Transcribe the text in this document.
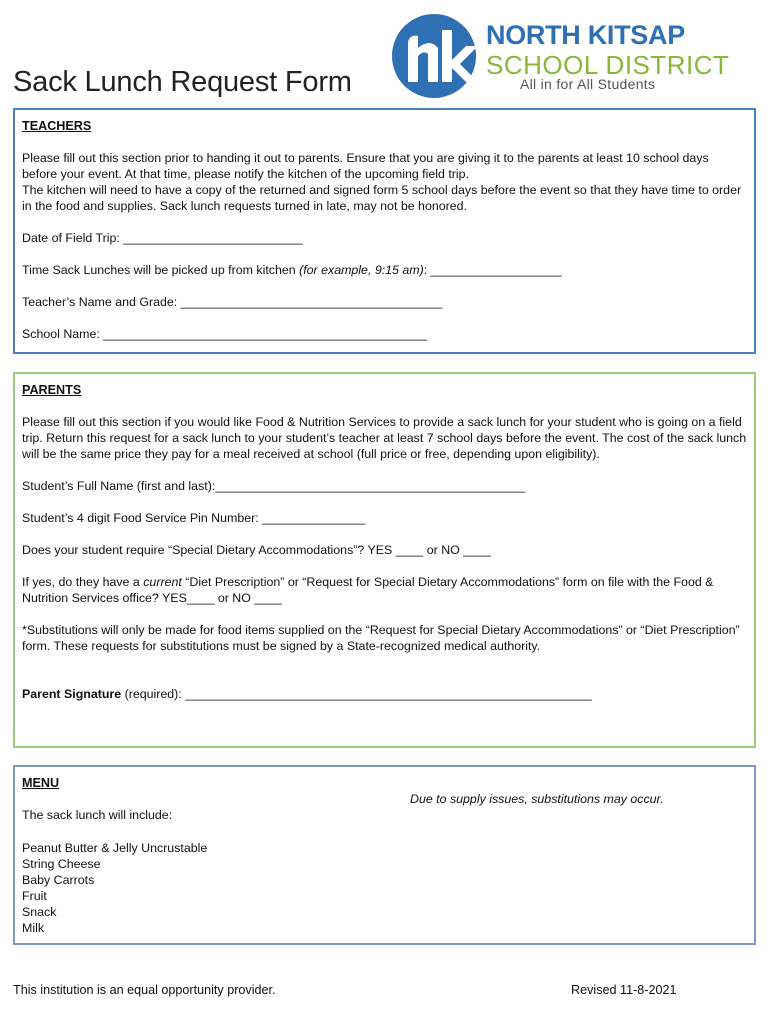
Sack Lunch Request Form
NORTH KITSAP
SCHOOL DISTRICT
All in for All Students

TEACHERS

Please fill out this section prior to handing it out to parents. Ensure that you are giving it to the parents at least 10 school days before your event. At that time, please notify the kitchen of the upcoming field trip.

The kitchen will need to have a copy of the returned and signed form 5 school days before the event so that they have time to order in the food and supplies. Sack lunch requests turned in late, may not be honored.

Date of Field Trip: __________________________

Time Sack Lunches will be picked up from kitchen (for example, 9:15 am): ___________________

Teacher’s Name and Grade: ______________________________________

School Name: _______________________________________________

PARENTS

Please fill out this section if you would like Food & Nutrition Services to provide a sack lunch for your student who is going on a field trip. Return this request for a sack lunch to your student’s teacher at least 7 school days before the event. The cost of the sack lunch will be the same price they pay for a meal received at school (full price or free, depending upon eligibility).

Student’s Full Name (first and last):_____________________________________________

Student’s 4 digit Food Service Pin Number: _______________

Does your student require “Special Dietary Accommodations”? YES ____ or NO ____

If yes, do they have a current “Diet Prescription” or “Request for Special Dietary Accommodations” form on file with the Food & Nutrition Services office? YES____ or NO ____

*Substitutions will only be made for food items supplied on the “Request for Special Dietary Accommodations” or “Diet Prescription” form. These requests for substitutions must be signed by a State-recognized medical authority.

Parent Signature (required): ___________________________________________________________

MENU

Due to supply issues, substitutions may occur.

The sack lunch will include:

Peanut Butter & Jelly Uncrustable
String Cheese
Baby Carrots
Fruit
Snack
Milk
This institution is an equal opportunity provider.	Revised 11-8-2021
